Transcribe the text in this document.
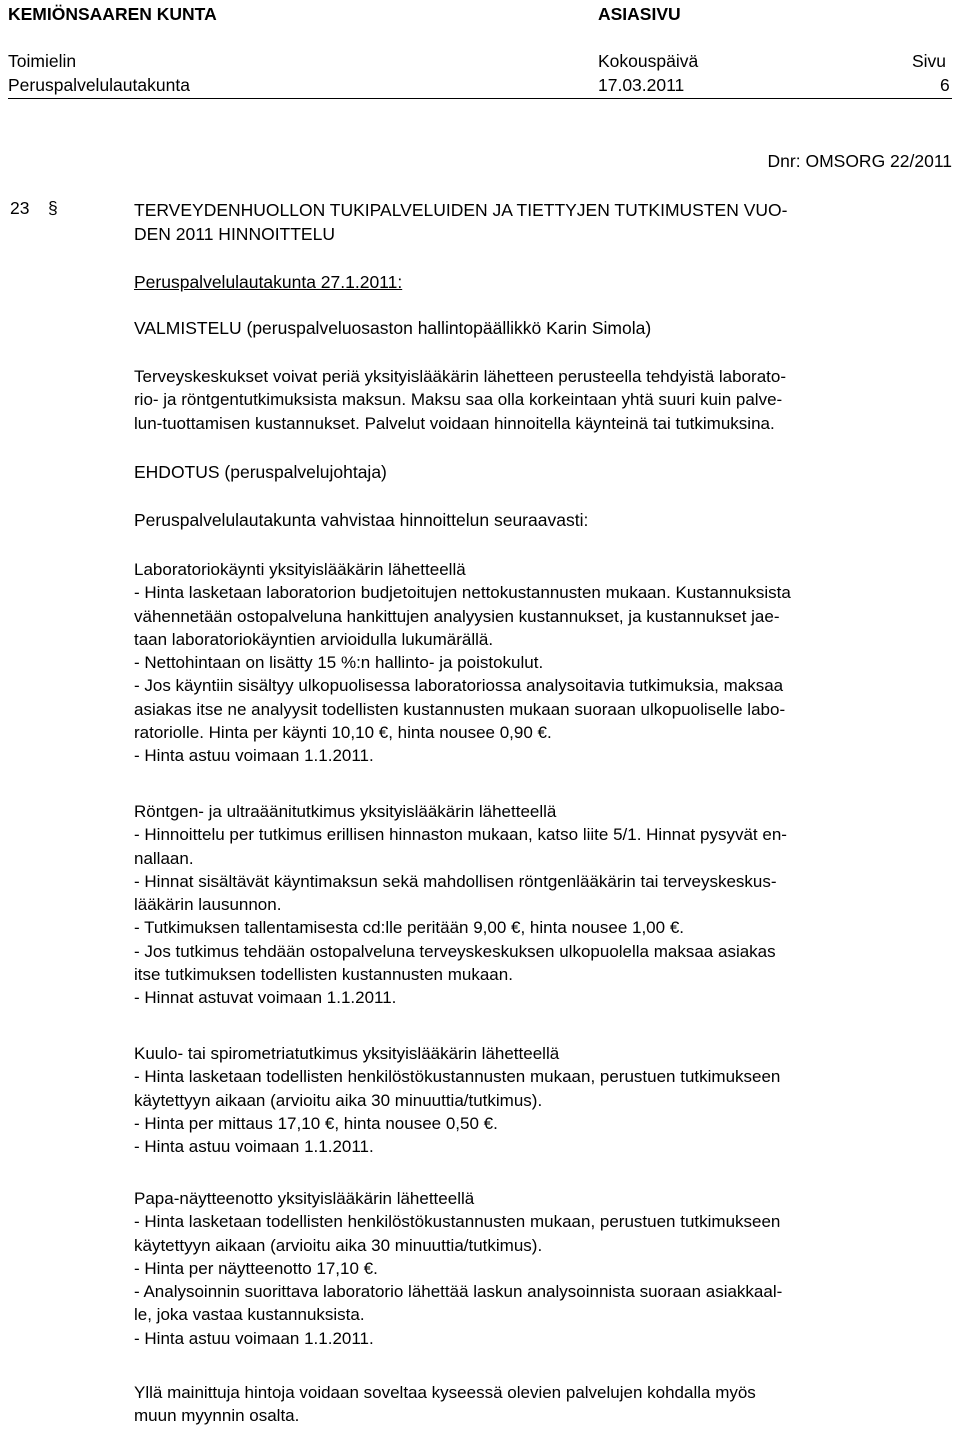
KEMIÖNSAAREN KUNTA	ASIASIVU
Toimielin	Kokouspäivä	Sivu
Peruspalvelulautakunta	17.03.2011	6
Dnr: OMSORG 22/2011
23 §	TERVEYDENHUOLLON TUKIPALVELUIDEN JA TIETTYJEN TUTKIMUSTEN VUO-
DEN 2011 HINNOITTELU
Peruspalvelulautakunta 27.1.2011:
VALMISTELU (peruspalveluosaston hallintopäällikkö Karin Simola)

Terveyskeskukset voivat periä yksityislääkärin lähetteen perusteella tehdyistä laborato-

rio- ja röntgentutkimuksista maksun. Maksu saa olla korkeintaan yhtä suuri kuin palve-

lun-tuottamisen kustannukset. Palvelut voidaan hinnoitella käynteinä tai tutkimuksina.

EHDOTUS (peruspalvelujohtaja)
Peruspalvelulautakunta vahvistaa hinnoittelun seuraavasti:

Laboratoriokäynti yksityislääkärin lähetteellä

- Hinta lasketaan laboratorion budjetoitujen nettokustannusten mukaan. Kustannuksista

vähennetään ostopalveluna hankittujen analyysien kustannukset, ja kustannukset jae-

taan laboratoriokäyntien arvioidulla lukumärällä.

- Nettohintaan on lisätty 15 %:n hallinto- ja poistokulut.

- Jos käyntiin sisältyy ulkopuolisessa laboratoriossa analysoitavia tutkimuksia, maksaa

asiakas itse ne analyysit todellisten kustannusten mukaan suoraan ulkopuoliselle labo-

ratoriolle. Hinta per käynti 10,10 €, hinta nousee 0,90 €.

- Hinta astuu voimaan 1.1.2011.

Röntgen- ja ultraäänitutkimus yksityislääkärin lähetteellä

- Hinnoittelu per tutkimus erillisen hinnaston mukaan, katso liite 5/1. Hinnat pysyvät en-

nallaan.

- Hinnat sisältävät käyntimaksun sekä mahdollisen röntgenlääkärin tai terveyskeskus-

lääkärin lausunnon.

- Tutkimuksen tallentamisesta cd:lle peritään 9,00 €, hinta nousee 1,00 €.

- Jos tutkimus tehdään ostopalveluna terveyskeskuksen ulkopuolella maksaa asiakas

itse tutkimuksen todellisten kustannusten mukaan.

- Hinnat astuvat voimaan 1.1.2011.

Kuulo- tai spirometriatutkimus yksityislääkärin lähetteellä

- Hinta lasketaan todellisten henkilöstökustannusten mukaan, perustuen tutkimukseen

käytettyyn aikaan (arvioitu aika 30 minuuttia/tutkimus).

- Hinta per mittaus 17,10 €, hinta nousee 0,50 €.

- Hinta astuu voimaan 1.1.2011.

Papa-näytteenotto yksityislääkärin lähetteellä

- Hinta lasketaan todellisten henkilöstökustannusten mukaan, perustuen tutkimukseen

käytettyyn aikaan (arvioitu aika 30 minuuttia/tutkimus).

- Hinta per näytteenotto 17,10 €.

- Analysoinnin suorittava laboratorio lähettää laskun analysoinnista suoraan asiakkaal-

le, joka vastaa kustannuksista.

- Hinta astuu voimaan 1.1.2011.

Yllä mainittuja hintoja voidaan soveltaa kyseessä olevien palvelujen kohdalla myös

muun myynnin osalta.
